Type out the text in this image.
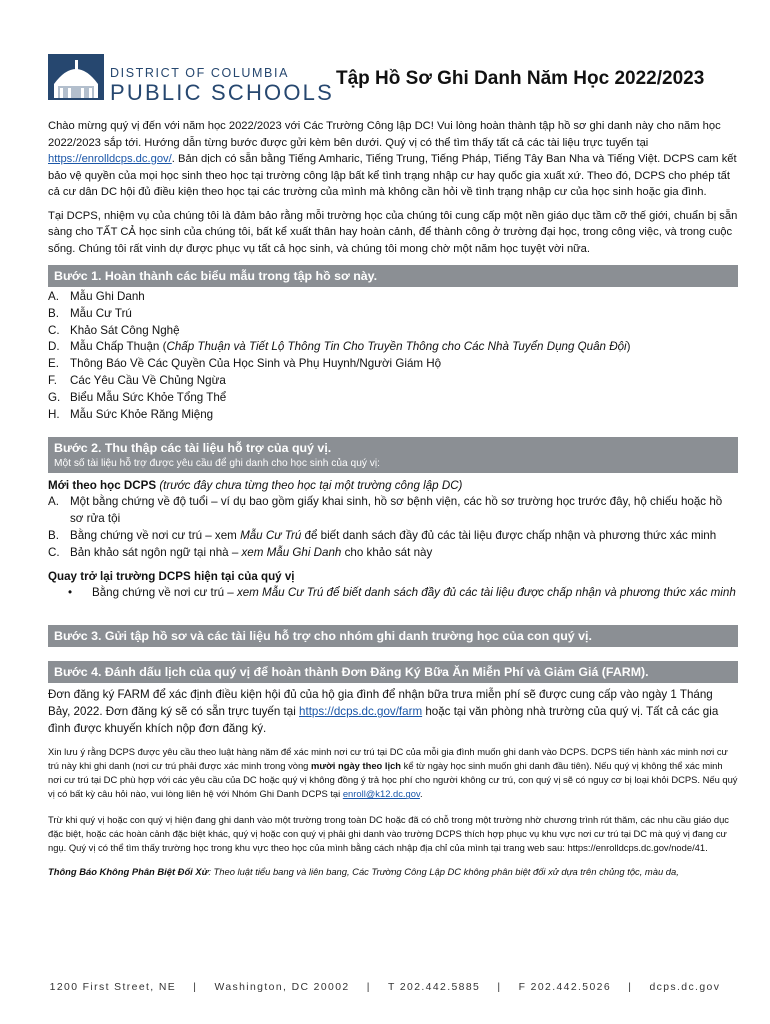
DISTRICT OF COLUMBIA
PUBLIC SCHOOLS
Tập Hồ Sơ Ghi Danh Năm Học 2022/2023

Chào mừng quý vị đến với năm học 2022/2023 với Các Trường Công lập DC! Vui lòng hoàn thành tập hồ sơ ghi danh này cho năm học 2022/2023 sắp tới. Hướng dẫn từng bước được gửi kèm bên dưới. Quý vị có thể tìm thấy tất cả các tài liệu trực tuyến tại https://enrolldcps.dc.gov/. Bản dịch có sẵn bằng Tiếng Amharic, Tiếng Trung, Tiếng Pháp, Tiếng Tây Ban Nha và Tiếng Việt. DCPS cam kết bảo vệ quyền của mọi học sinh theo học tại trường công lập bất kể tình trạng nhập cư hay quốc gia xuất xứ. Theo đó, DCPS cho phép tất cả cư dân DC hội đủ điều kiện theo học tại các trường của mình mà không cần hỏi về tình trạng nhập cư của học sinh hoặc gia đình.

Tại DCPS, nhiệm vụ của chúng tôi là đảm bảo rằng mỗi trường học của chúng tôi cung cấp một nền giáo dục tầm cỡ thế giới, chuẩn bị sẵn sàng cho TẤT CẢ học sinh của chúng tôi, bất kể xuất thân hay hoàn cảnh, để thành công ở trường đại học, trong công việc, và trong cuộc sống. Chúng tôi rất vinh dự được phục vụ tất cả học sinh, và chúng tôi mong chờ một năm học tuyệt vời nữa.

Bước 1. Hoàn thành các biểu mẫu trong tập hồ sơ này.
A. Mẫu Ghi Danh
B. Mẫu Cư Trú
C. Khảo Sát Công Nghệ
D. Mẫu Chấp Thuận (Chấp Thuận và Tiết Lộ Thông Tin Cho Truyền Thông cho Các Nhà Tuyển Dụng Quân Đội)
E. Thông Báo Về Các Quyền Của Học Sinh và Phụ Huynh/Người Giám Hộ
F.	Các Yêu Cầu Về Chủng Ngừa
G. Biểu Mẫu Sức Khỏe Tổng Thể
H. Mẫu Sức Khỏe Răng Miệng
Bước 2. Thu thập các tài liệu hỗ trợ của quý vị.
Một số tài liệu hỗ trợ được yêu cầu để ghi danh cho học sinh của quý vị:
Mới theo học DCPS (trước đây chưa từng theo học tại một trường công lập DC)
A. Một bằng chứng về độ tuổi – ví dụ bao gồm giấy khai sinh, hồ sơ bệnh viện, các hồ sơ trường học trước đây, hộ chiếu hoặc hồ sơ rửa tội
B. Bằng chứng về nơi cư trú – xem Mẫu Cư Trú để biết danh sách đầy đủ các tài liệu được chấp nhận và phương thức xác minh
C. Bản khảo sát ngôn ngữ tại nhà – xem Mẫu Ghi Danh cho khảo sát này
Quay trở lại trường DCPS hiện tại của quý vị
•	Bằng chứng về nơi cư trú – xem Mẫu Cư Trú để biết danh sách đầy đủ các tài liệu được chấp nhận và phương thức xác minh
Bước 3. Gửi tập hồ sơ và các tài liệu hỗ trợ cho nhóm ghi danh trường học của con quý vị.
Bước 4. Đánh dấu lịch của quý vị để hoàn thành Đơn Đăng Ký Bữa Ăn Miễn Phí và Giảm Giá (FARM).

Đơn đăng ký FARM để xác định điều kiện hội đủ của hộ gia đình để nhận bữa trưa miễn phí sẽ được cung cấp vào ngày 1 Tháng Bảy, 2022. Đơn đăng ký sẽ có sẵn trực tuyến tại https://dcps.dc.gov/farm hoặc tại văn phòng nhà trường của quý vị. Tất cả các gia đình được khuyến khích nộp đơn đăng ký.

Xin lưu ý rằng DCPS được yêu cầu theo luật hàng năm để xác minh nơi cư trú tại DC của mỗi gia đình muốn ghi danh vào DCPS. DCPS tiến hành xác minh nơi cư trú này khi ghi danh (nơi cư trú phải được xác minh trong vòng mười ngày theo lịch kể từ ngày học sinh muốn ghi danh đầu tiên). Nếu quý vị không thể xác minh nơi cư trú tại DC phù hợp với các yêu cầu của DC hoặc quý vị không đồng ý trả học phí cho người không cư trú, con quý vị sẽ có nguy cơ bị loại khỏi DCPS. Nếu quý vị có bất kỳ câu hỏi nào, vui lòng liên hệ với Nhóm Ghi Danh DCPS tại enroll@k12.dc.gov.

Trừ khi quý vị hoặc con quý vị hiện đang ghi danh vào một trường trong toàn DC hoặc đã có chỗ trong một trường nhờ chương trình rút thăm, các nhu cầu giáo dục đặc biệt, hoặc các hoàn cảnh đặc biệt khác, quý vị hoặc con quý vị phải ghi danh vào trường DCPS thích hợp phục vụ khu vực nơi cư trú tại DC mà quý vị đang cư ngụ. Quý vị có thể tìm thấy trường học trong khu vực theo học của mình bằng cách nhập địa chỉ của mình tại trang web sau: https://enrolldcps.dc.gov/node/41.

Thông Báo Không Phân Biệt Đối Xử: Theo luật tiểu bang và liên bang, Các Trường Công Lập DC không phân biệt đối xử dựa trên chủng tộc, màu da,

1200 First Street, NE | Washington, DC 20002 | T 202.442.5885 | F 202.442.5026 | dcps.dc.gov
